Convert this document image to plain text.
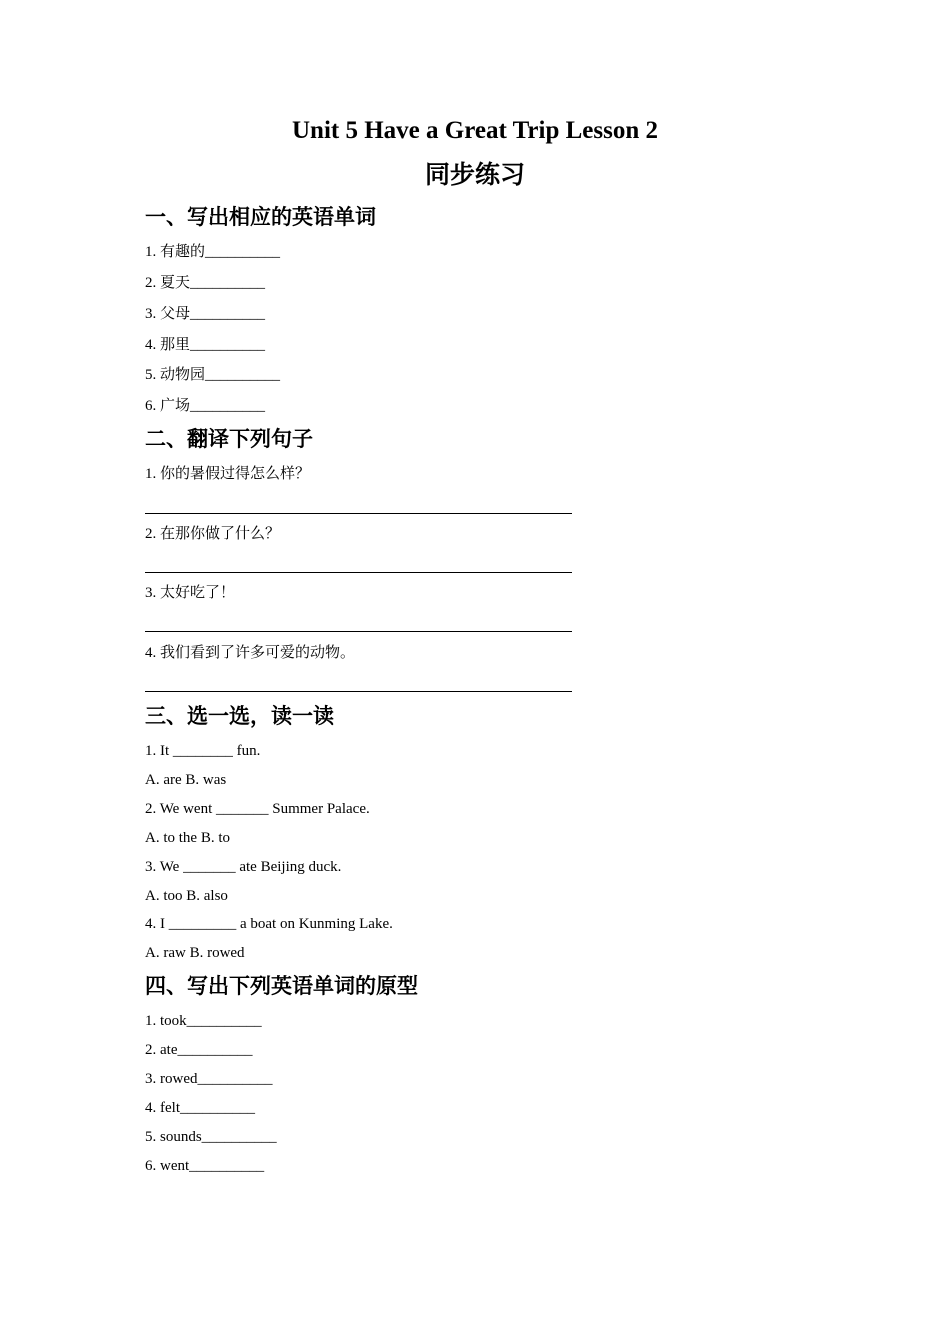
Unit 5 Have a Great Trip Lesson 2
同步练习
一、写出相应的英语单词
1. 有趣的__________
2. 夏天__________
3. 父母__________
4. 那里__________
5. 动物园__________
6. 广场__________
二、翻译下列句子
1. 你的暑假过得怎么样？
2. 在那你做了什么？
3. 太好吃了！
4. 我们看到了许多可爱的动物。
三、选一选，读一读
1. It ________ fun.
A. are B. was
2. We went _______ Summer Palace.
A. to the B. to
3. We _______ ate Beijing duck.
A. too B. also
4. I _________ a boat on Kunming Lake.
A. raw B. rowed
四、写出下列英语单词的原型
1. took__________
2. ate__________
3. rowed__________
4. felt__________
5. sounds__________
6. went__________
